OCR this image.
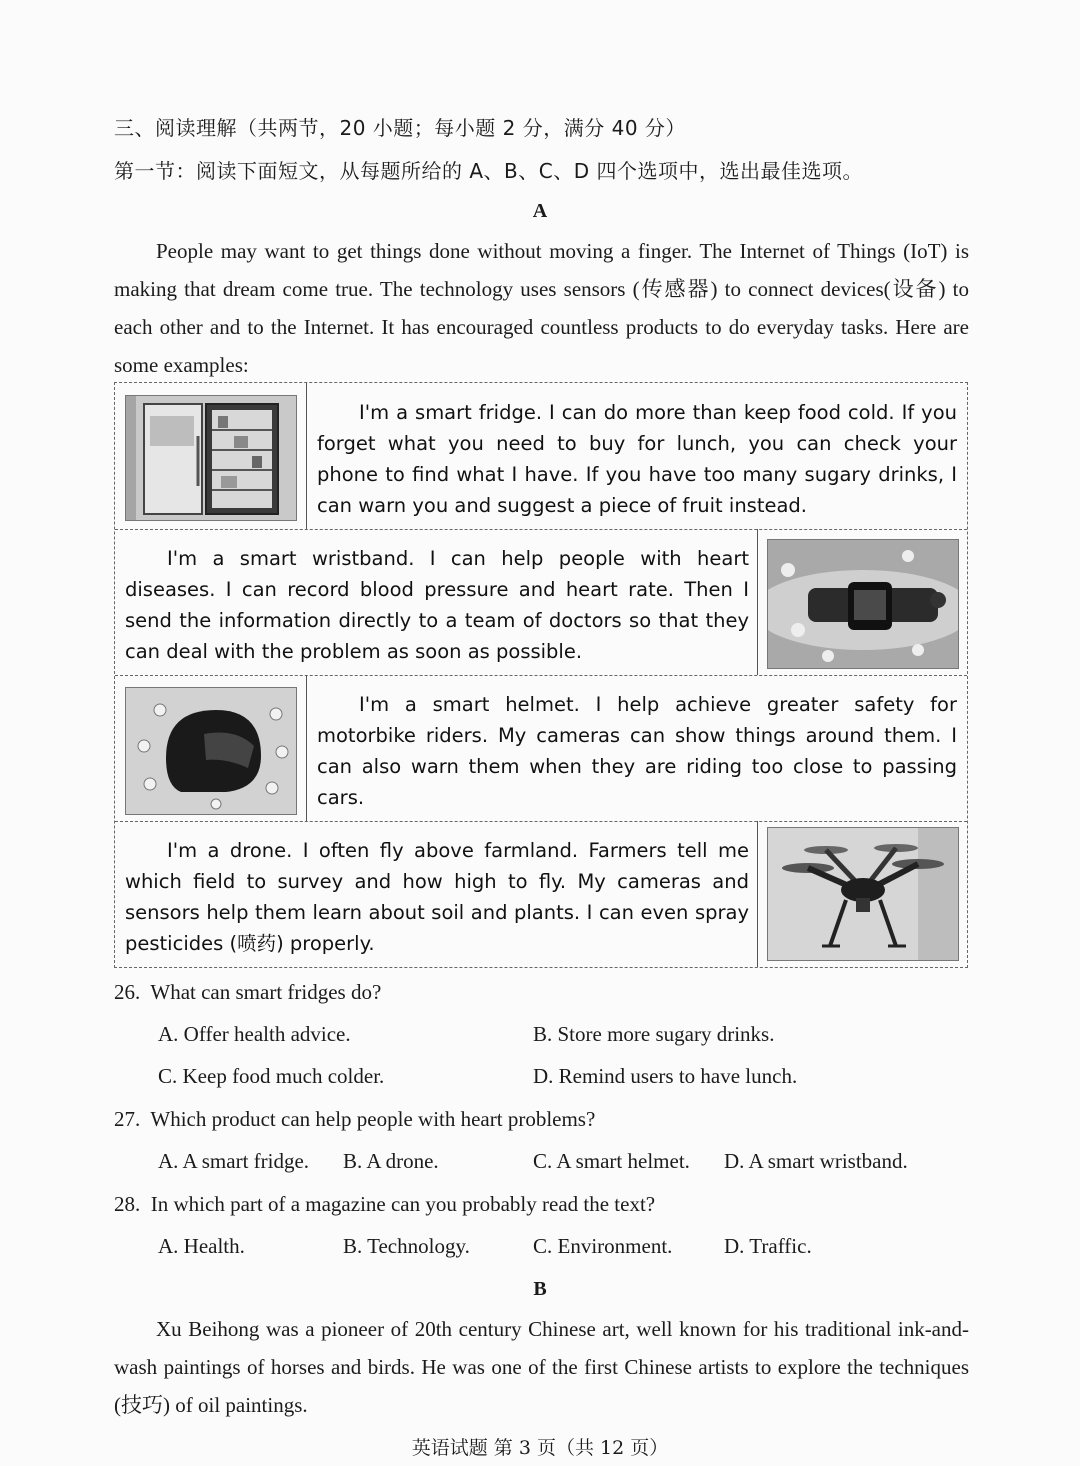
三、阅读理解（共两节，20 小题；每小题 2 分，满分 40 分）
第一节：阅读下面短文，从每题所给的 A、B、C、D 四个选项中，选出最佳选项。
A
People may want to get things done without moving a finger. The Internet of Things (IoT) is making that dream come true. The technology uses sensors (传感器) to connect devices(设备) to each other and to the Internet. It has encouraged countless products to do everyday tasks. Here are some examples:
I'm a smart fridge. I can do more than keep food cold. If you forget what you need to buy for lunch, you can check your phone to find what I have. If you have too many sugary drinks, I can warn you and suggest a piece of fruit instead.
I'm a smart wristband. I can help people with heart diseases. I can record blood pressure and heart rate. Then I send the information directly to a team of doctors so that they can deal with the problem as soon as possible.
I'm a smart helmet. I help achieve greater safety for motorbike riders. My cameras can show things around them. I can also warn them when they are riding too close to passing cars.
I'm a drone. I often fly above farmland. Farmers tell me which field to survey and how high to fly. My cameras and sensors help them learn about soil and plants. I can even spray pesticides (喷药) properly.
26. What can smart fridges do?
A. Offer health advice.	B. Store more sugary drinks.
C. Keep food much colder.	D. Remind users to have lunch.
27. Which product can help people with heart problems?
A. A smart fridge. B. A drone.	C. A smart helmet. D. A smart wristband.
28. In which part of a magazine can you probably read the text?
A. Health.	B. Technology.	C. Environment. D. Traffic.
B
Xu Beihong was a pioneer of 20th century Chinese art, well known for his traditional ink-and-wash paintings of horses and birds. He was one of the first Chinese artists to explore the techniques (技巧) of oil paintings.
英语试题 第 3 页（共 12 页）
